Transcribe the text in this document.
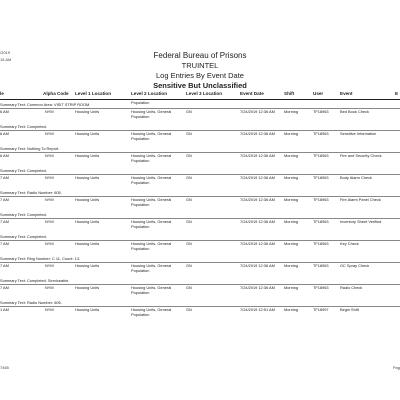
/2019
15 AM	Federal Bureau of Prisons
TRUINTEL
Log Entries By Event Date
Sensitive But Unclassified
le	Alpha Code Level 1 Location	Level 2 Location	Level 3 Location	Event Date	Shift	User	Event	E
Population
6 AM	NYM	Housing Units	Housing Units, General	GN	7/24/2019 12:36 AM Morning	TF18963	Bed Book Check
Population
Summary Text: Common Area: VISIT STRIP ROOM.
6 AM	NYM	Housing Units	Housing Units, General	GN	7/24/2019 12:36 AM Morning	TF18963	Sensitive Information
Population
Summary Text: Completed.
6 AM	NYM	Housing Units	Housing Units, General	GN	7/24/2019 12:36 AM Morning	TF18963	Fire and Security Check
Population
Summary Text: Nothing To Report.
7 AM	NYM	Housing Units	Housing Units, General	GN	7/24/2019 12:36 AM Morning	TF18963	Body Alarm Check
Population
Summary Text: Completed.
7 AM	NYM	Housing Units	Housing Units, General	GN	7/24/2019 12:36 AM Morning	TF18963	Fire Alarm Panel Check
Population
Summary Text: Radio Number: 605.
7 AM	NYM	Housing Units	Housing Units, General	GN	7/24/2019 12:36 AM Morning	TF18963	Inventory Sheet Verified
Population
Summary Text: Completed.
7 AM	NYM	Housing Units	Housing Units, General	GN	7/24/2019 12:36 AM Morning	TF18963	Key Check
Population
Summary Text: Completed.
7 AM	NYM	Housing Units	Housing Units, General	GN	7/24/2019 12:36 AM Morning	TF18963	OC Spray Check
Population
Summary Text: Ring Number: C 11, Count: 13.
7 AM	NYM	Housing Units	Housing Units, General	GN	7/24/2019 12:36 AM Morning	TF18963	Radio Check
Population
Summary Text: Completed. Serviceable.
1 AM	NYM	Housing Units	Housing Units, General	GN	7/24/2019 12:51 AM Morning	TF18997	Begin Shift
Population
Summary Text: Radio Number: 605.
7465	Pag
